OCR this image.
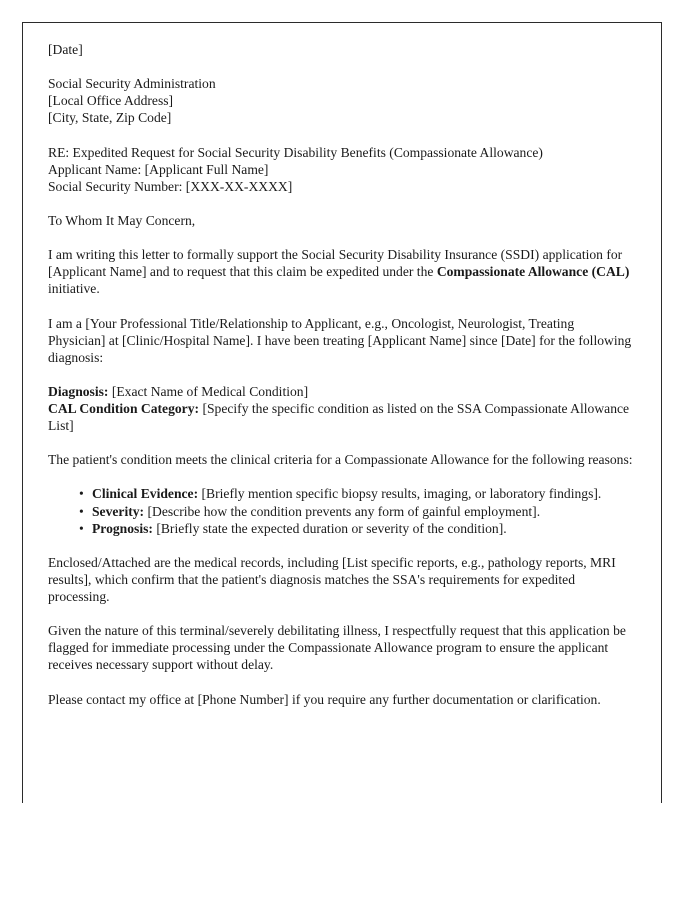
[Date]

Social Security Administration
[Local Office Address]
[City, State, Zip Code]

RE: Expedited Request for Social Security Disability Benefits (Compassionate Allowance)
Applicant Name: [Applicant Full Name]
Social Security Number: [XXX-XX-XXXX]

To Whom It May Concern,

I am writing this letter to formally support the Social Security Disability Insurance (SSDI) application for [Applicant Name] and to request that this claim be expedited under the Compassionate Allowance (CAL) initiative.

I am a [Your Professional Title/Relationship to Applicant, e.g., Oncologist, Neurologist, Treating Physician] at [Clinic/Hospital Name]. I have been treating [Applicant Name] since [Date] for the following diagnosis:

Diagnosis: [Exact Name of Medical Condition]
CAL Condition Category: [Specify the specific condition as listed on the SSA Compassionate Allowance List]

The patient's condition meets the clinical criteria for a Compassionate Allowance for the following reasons:

• Clinical Evidence: [Briefly mention specific biopsy results, imaging, or laboratory findings].
• Severity: [Describe how the condition prevents any form of gainful employment].
• Prognosis: [Briefly state the expected duration or severity of the condition].

Enclosed/Attached are the medical records, including [List specific reports, e.g., pathology reports, MRI results], which confirm that the patient's diagnosis matches the SSA's requirements for expedited processing.

Given the nature of this terminal/severely debilitating illness, I respectfully request that this application be flagged for immediate processing under the Compassionate Allowance program to ensure the applicant receives necessary support without delay.

Please contact my office at [Phone Number] if you require any further documentation or clarification.
